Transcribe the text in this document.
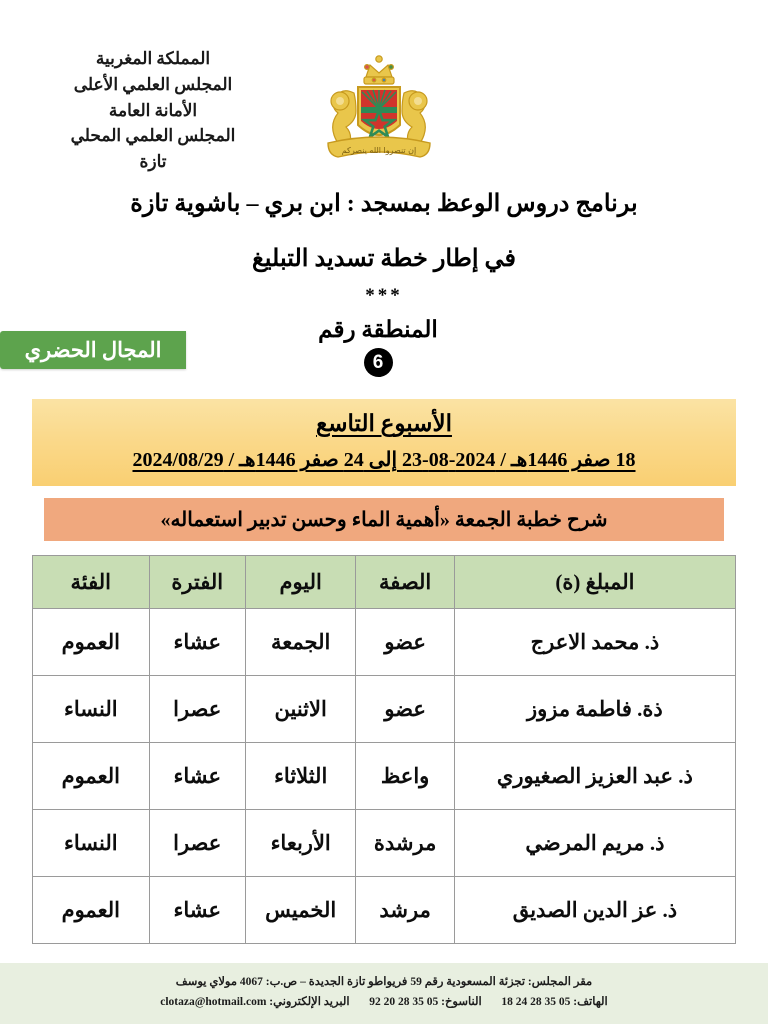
المملكة المغربية
المجلس العلمي الأعلى
الأمانة العامة
المجلس العلمي المحلي
تازة
إن تنصروا الله ينصركم
برنامج دروس الوعظ بمسجد : ابن بري – باشوية تازة
في إطار خطة تسديد التبليغ
***
المنطقة رقم
6
المجال الحضري
الأسبوع التاسع
18 صفر 1446هـ / 2024-08-23 إلى 24 صفر 1446هـ / 2024/08/29
شرح خطبة الجمعة «أهمية الماء وحسن تدبير استعماله»
المبلغ (ة)	الصفة	اليوم	الفترة	الفئة
ذ. محمد الاعرج	عضو	الجمعة	عشاء	العموم
ذة. فاطمة مزوز	عضو	الاثنين	عصرا	النساء
ذ. عبد العزيز الصغيوري	واعظ	الثلاثاء	عشاء	العموم
ذ. مريم المرضي	مرشدة	الأربعاء	عصرا	النساء
ذ. عز الدين الصديق	مرشد	الخميس	عشاء	العموم
مقر المجلس: تجزئة المسعودية رقم 59 فريواطو تازة الجديدة – ص.ب: 4067 مولاي يوسف
الهاتف: 05 35 28 24 18  الناسوخ: 05 35 28 20 92  البريد الإلكتروني: clotaza@hotmail.com
